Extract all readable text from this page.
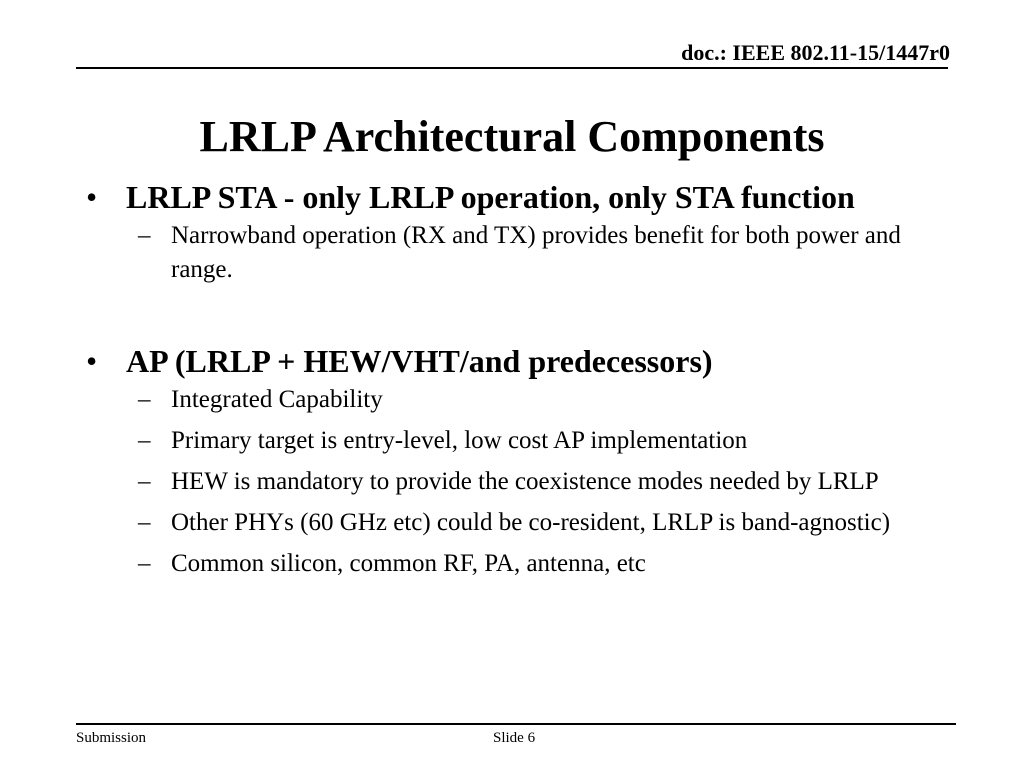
doc.: IEEE 802.11-15/1447r0
LRLP Architectural Components
• LRLP STA - only LRLP operation, only STA function
– Narrowband operation (RX and TX) provides benefit for both power and range.
• AP (LRLP + HEW/VHT/and predecessors)
– Integrated Capability
– Primary target is entry-level, low cost AP implementation
– HEW is mandatory to provide the coexistence modes needed by LRLP
– Other PHYs (60 GHz etc) could be co-resident, LRLP is band-agnostic)
– Common silicon, common RF, PA, antenna, etc
Submission	Slide 6
